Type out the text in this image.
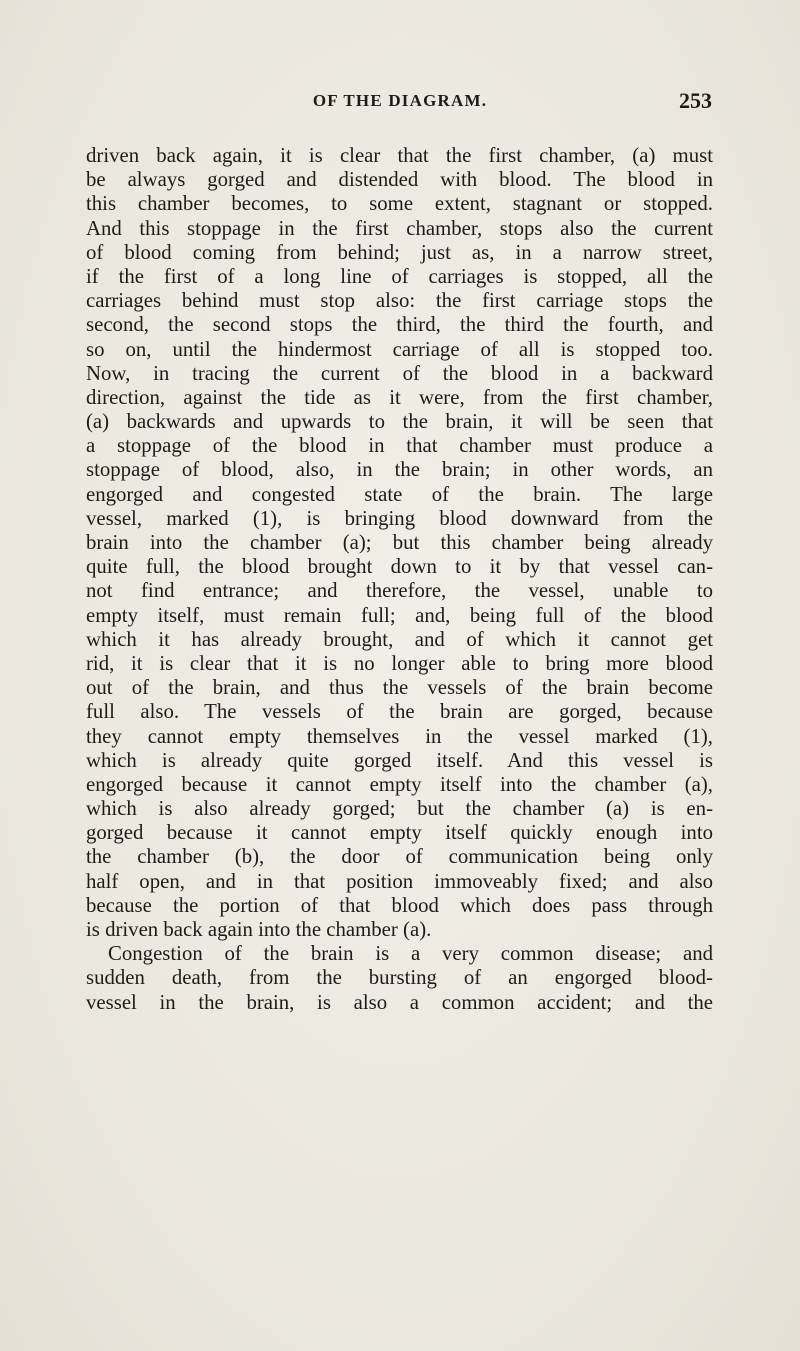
OF THE DIAGRAM.	253
driven back again, it is clear that the first chamber, (a) must
be always gorged and distended with blood. The blood in
this chamber becomes, to some extent, stagnant or stopped.
And this stoppage in the first chamber, stops also the current
of blood coming from behind; just as, in a narrow street,
if the first of a long line of carriages is stopped, all the
carriages behind must stop also: the first carriage stops the
second, the second stops the third, the third the fourth, and
so on, until the hindermost carriage of all is stopped too.
Now, in tracing the current of the blood in a backward
direction, against the tide as it were, from the first chamber,
(a) backwards and upwards to the brain, it will be seen that
a stoppage of the blood in that chamber must produce a
stoppage of blood, also, in the brain; in other words, an
engorged and congested state of the brain. The large
vessel, marked (1), is bringing blood downward from the
brain into the chamber (a); but this chamber being already
quite full, the blood brought down to it by that vessel can-
not find entrance; and therefore, the vessel, unable to
empty itself, must remain full; and, being full of the blood
which it has already brought, and of which it cannot get
rid, it is clear that it is no longer able to bring more blood
out of the brain, and thus the vessels of the brain become
full also. The vessels of the brain are gorged, because
they cannot empty themselves in the vessel marked (1),
which is already quite gorged itself. And this vessel is
engorged because it cannot empty itself into the chamber (a),
which is also already gorged; but the chamber (a) is en-
gorged because it cannot empty itself quickly enough into
the chamber (b), the door of communication being only
half open, and in that position immoveably fixed; and also
because the portion of that blood which does pass through
is driven back again into the chamber (a).
Congestion of the brain is a very common disease; and
sudden death, from the bursting of an engorged blood-
vessel in the brain, is also a common accident; and the
